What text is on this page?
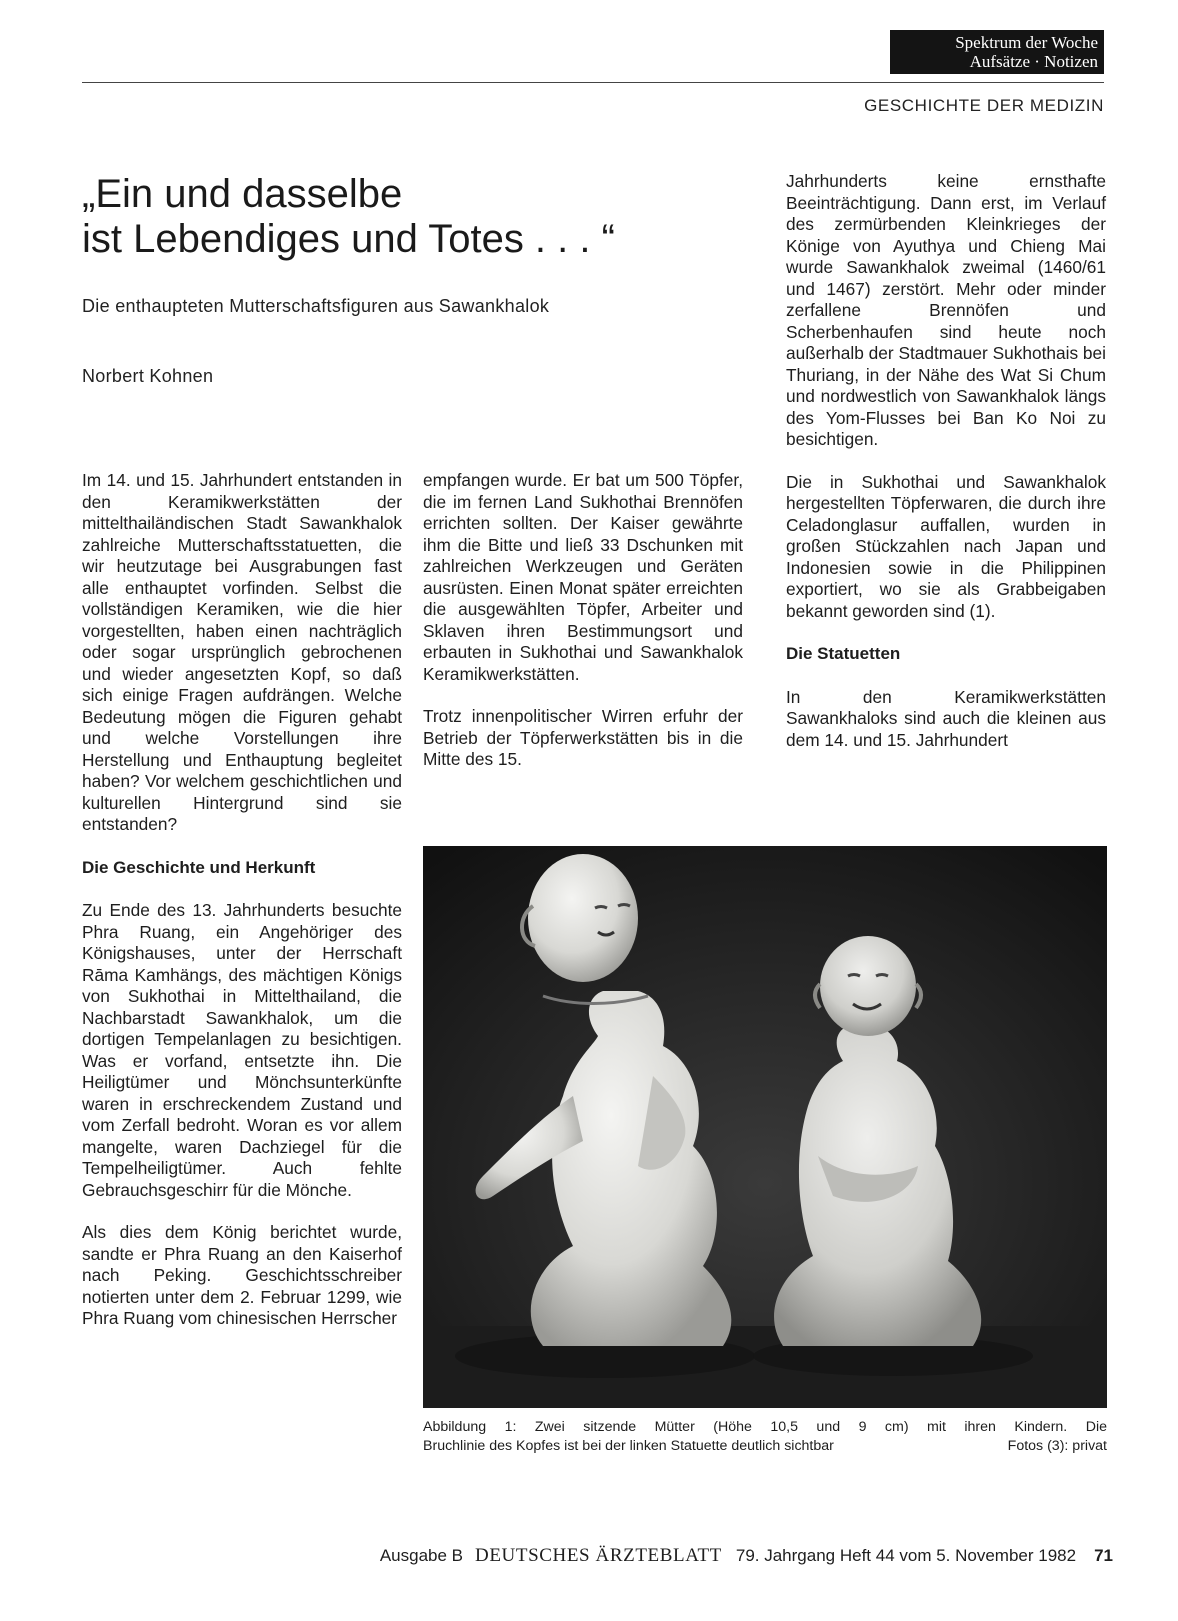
Spektrum der Woche
Aufsätze · Notizen
GESCHICHTE DER MEDIZIN
„Ein und dasselbe
ist Lebendiges und Totes . . . “
Die enthaupteten Mutterschaftsfiguren aus Sawankhalok
Norbert Kohnen

Im 14. und 15. Jahrhundert entstanden in den Keramikwerkstätten der mittelthailändischen Stadt Sawankhalok zahlreiche Mutterschaftsstatuetten, die wir heutzutage bei Ausgrabungen fast alle enthauptet vorfinden. Selbst die vollständigen Keramiken, wie die hier vorgestellten, haben einen nachträglich oder sogar ursprünglich gebrochenen und wieder angesetzten Kopf, so daß sich einige Fragen aufdrängen. Welche Bedeutung mögen die Figuren gehabt und welche Vorstellungen ihre Herstellung und Enthauptung begleitet haben? Vor welchem geschichtlichen und kulturellen Hintergrund sind sie entstanden?

Die Geschichte und Herkunft

Zu Ende des 13. Jahrhunderts besuchte Phra Ruang, ein Angehöriger des Königshauses, unter der Herrschaft Rāma Kamhängs, des mächtigen Königs von Sukhothai in Mittelthailand, die Nachbarstadt Sawankhalok, um die dortigen Tempelanlagen zu besichtigen. Was er vorfand, entsetzte ihn. Die Heiligtümer und Mönchsunterkünfte waren in erschreckendem Zustand und vom Zerfall bedroht. Woran es vor allem mangelte, waren Dachziegel für die Tempelheiligtümer. Auch fehlte Gebrauchsgeschirr für die Mönche.

Als dies dem König berichtet wurde, sandte er Phra Ruang an den Kaiserhof nach Peking. Geschichtsschreiber notierten unter dem 2. Februar 1299, wie Phra Ruang vom chinesischen Herrscher

empfangen wurde. Er bat um 500 Töpfer, die im fernen Land Sukhothai Brennöfen errichten sollten. Der Kaiser gewährte ihm die Bitte und ließ 33 Dschunken mit zahlreichen Werkzeugen und Geräten ausrüsten. Einen Monat später erreichten die ausgewählten Töpfer, Arbeiter und Sklaven ihren Bestimmungsort und erbauten in Sukhothai und Sawankhalok Keramikwerkstätten.

Trotz innenpolitischer Wirren erfuhr der Betrieb der Töpferwerkstätten bis in die Mitte des 15.

Jahrhunderts keine ernsthafte Beeinträchtigung. Dann erst, im Verlauf des zermürbenden Kleinkrieges der Könige von Ayuthya und Chieng Mai wurde Sawankhalok zweimal (1460/61 und 1467) zerstört. Mehr oder minder zerfallene Brennöfen und Scherbenhaufen sind heute noch außerhalb der Stadtmauer Sukhothais bei Thuriang, in der Nähe des Wat Si Chum und nordwestlich von Sawankhalok längs des Yom-Flusses bei Ban Ko Noi zu besichtigen.

Die in Sukhothai und Sawankhalok hergestellten Töpferwaren, die durch ihre Celadonglasur auffallen, wurden in großen Stückzahlen nach Japan und Indonesien sowie in die Philippinen exportiert, wo sie als Grabbeigaben bekannt geworden sind (1).

Die Statuetten

In den Keramikwerkstätten Sawankhaloks sind auch die kleinen aus dem 14. und 15. Jahrhundert

Abbildung 1: Zwei sitzende Mütter (Höhe 10,5 und 9 cm) mit ihren Kindern. Die
Bruchlinie des Kopfes ist bei der linken Statuette deutlich sichtbar	Fotos (3): privat
Ausgabe B DEUTSCHES ÄRZTEBLATT 79. Jahrgang Heft 44 vom 5. November 1982 71
